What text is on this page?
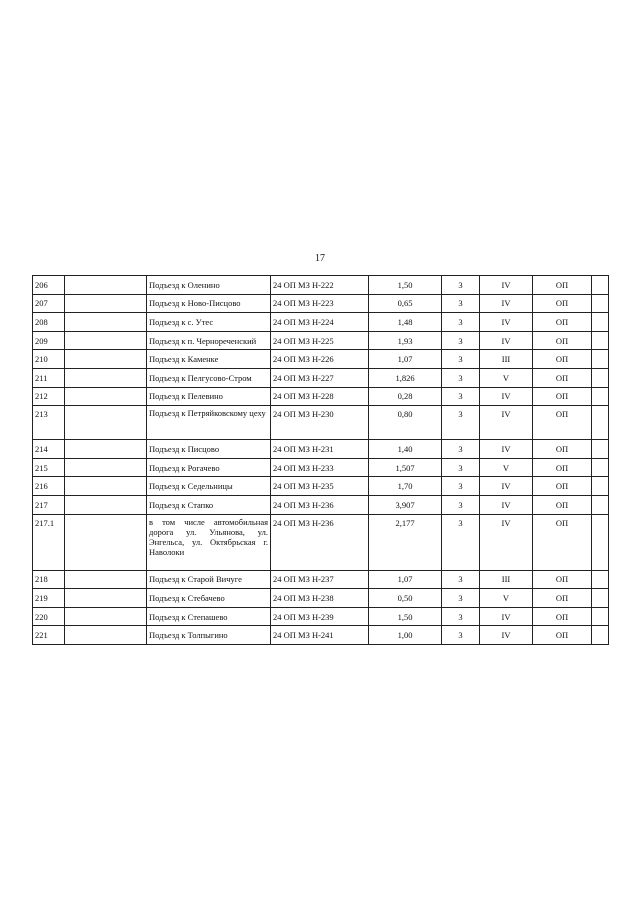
17
206		Подъезд к Оленино	24 ОП МЗ Н-222	1,50	3	IV	ОП	
207		Подъезд к Ново-Писцово	24 ОП МЗ Н-223	0,65	3	IV	ОП	
208		Подъезд к с. Утес	24 ОП МЗ Н-224	1,48	3	IV	ОП	
209		Подъезд к п. Чернореченский	24 ОП МЗ Н-225	1,93	3	IV	ОП	
210		Подъезд к Каменке	24 ОП МЗ Н-226	1,07	3	III	ОП	
211		Подъезд к Пелгусово-Стром	24 ОП МЗ Н-227	1,826	3	V	ОП	
212		Подъезд к Пелевино	24 ОП МЗ Н-228	0,28	3	IV	ОП	
213		Подъезд к Петряйковскому цеху	24 ОП МЗ Н-230	0,80	3	IV	ОП	
214		Подъезд к Писцово	24 ОП МЗ Н-231	1,40	3	IV	ОП	
215		Подъезд к Рогачево	24 ОП МЗ Н-233	1,507	3	V	ОП	
216		Подъезд к Седельницы	24 ОП МЗ Н-235	1,70	3	IV	ОП	
217		Подъезд к Стапко	24 ОП МЗ Н-236	3,907	3	IV	ОП	
217.1		в том числе автомобильная дорога ул. Ульянова, ул. Энгельса, ул. Октябрьская г. Наволоки	24 ОП МЗ Н-236	2,177	3	IV	ОП	
218		Подъезд к Старой Вичуге	24 ОП МЗ Н-237	1,07	3	III	ОП	
219		Подъезд к Стебачево	24 ОП МЗ Н-238	0,50	3	V	ОП	
220		Подъезд к Степашево	24 ОП МЗ Н-239	1,50	3	IV	ОП	
221		Подъезд к Толпыгино	24 ОП МЗ Н-241	1,00	3	IV	ОП	
